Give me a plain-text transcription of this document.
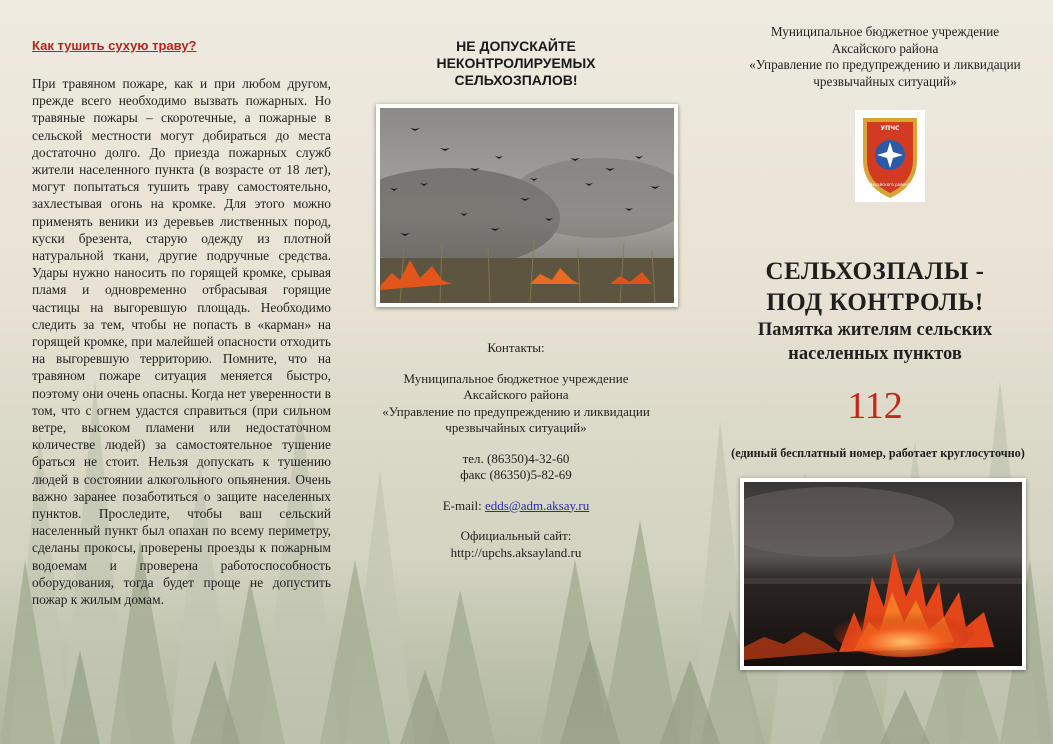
Как тушить сухую траву?

При травяном пожаре, как и при любом другом, прежде всего необходимо вызвать пожарных. Но травяные пожары – скоротечные, а пожарные в сельской местности могут добираться до места достаточно долго. До приезда пожарных служб жители населенного пункта (в возрасте от 18 лет), могут попытаться тушить траву самостоятельно, захлестывая огонь на кромке. Для этого можно применять веники из деревьев лиственных пород, куски брезента, старую одежду из плотной натуральной ткани, другие подручные средства. Удары нужно наносить по горящей кромке, срывая пламя и одновременно отбрасывая горящие частицы на выгоревшую площадь. Необходимо следить за тем, чтобы не попасть в «карман» на горящей кромке, при малейшей опасности отходить на выгоревшую территорию. Помните, что на травяном пожаре ситуация меняется быстро, поэтому они очень опасны. Когда нет уверенности в том, что с огнем удастся справиться (при сильном ветре, высоком пламени или недостаточном количестве людей) за самостоятельное тушение браться не стоит. Нельзя допускать к тушению людей в состоянии алкогольного опьянения. Очень важно заранее позаботиться о защите населенных пунктов. Проследите, чтобы ваш сельский населенный пункт был опахан по всему периметру, сделаны прокосы, проверены проезды к пожарным водоемам и проверена работоспособность оборудования, тогда будет проще не допустить пожар к жилым домам.

НЕ ДОПУСКАЙТЕ
НЕКОНТРОЛИРУЕМЫХ
СЕЛЬХОЗПАЛОВ!
Контакты:
Муниципальное бюджетное учреждение
Аксайского района
«Управление по предупреждению и ликвидации
чрезвычайных ситуаций»
тел. (86350)4-32-60
факс (86350)5-82-69
E-mail: edds@adm.aksay.ru
Официальный сайт:
http://upchs.aksayland.ru
Муниципальное бюджетное учреждение
Аксайского района
«Управление по предупреждению и ликвидации
чрезвычайных ситуаций»
УПЧС
Аксайского района
СЕЛЬХОЗПАЛЫ -
ПОД КОНТРОЛЬ!
Памятка жителям сельских
населенных пунктов
112
(единый бесплатный номер, работает круглосуточно)
